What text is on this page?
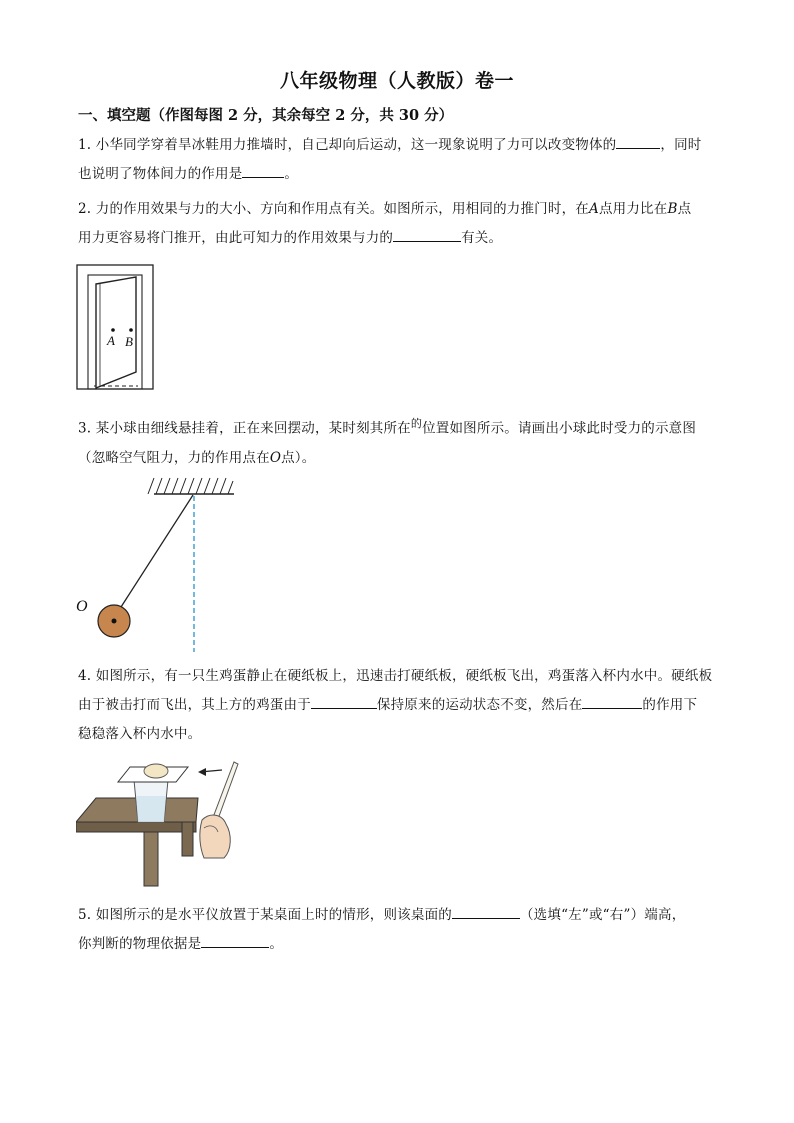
八年级物理（人教版）卷一
一、填空题（作图每图 2 分，其余每空 2 分，共 30 分）
1. 小华同学穿着旱冰鞋用力推墙时，自己却向后运动，这一现象说明了力可以改变物体的	，同时
也说明了物体间力的作用是	。
2. 力的作用效果与力的大小、方向和作用点有关。如图所示，用相同的力推门时，在A点用力比在B点
用力更容易将门推开，由此可知力的作用效果与力的	有关。
A B
3. 某小球由细线悬挂着，正在来回摆动，某时刻其所在$^的$位置如图所示。请画出小球此时受力的示意图
（忽略空气阻力，力的作用点在O点）。
O
4. 如图所示，有一只生鸡蛋静止在硬纸板上，迅速击打硬纸板，硬纸板飞出，鸡蛋落入杯内水中。硬纸板
由于被击打而飞出，其上方的鸡蛋由于	保持原来的运动状态不变，然后在	的作用下
稳稳落入杯内水中。
5. 如图所示的是水平仪放置于某桌面上时的情形，则该桌面的	（选填“左”或“右”）端高，
你判断的物理依据是	。
